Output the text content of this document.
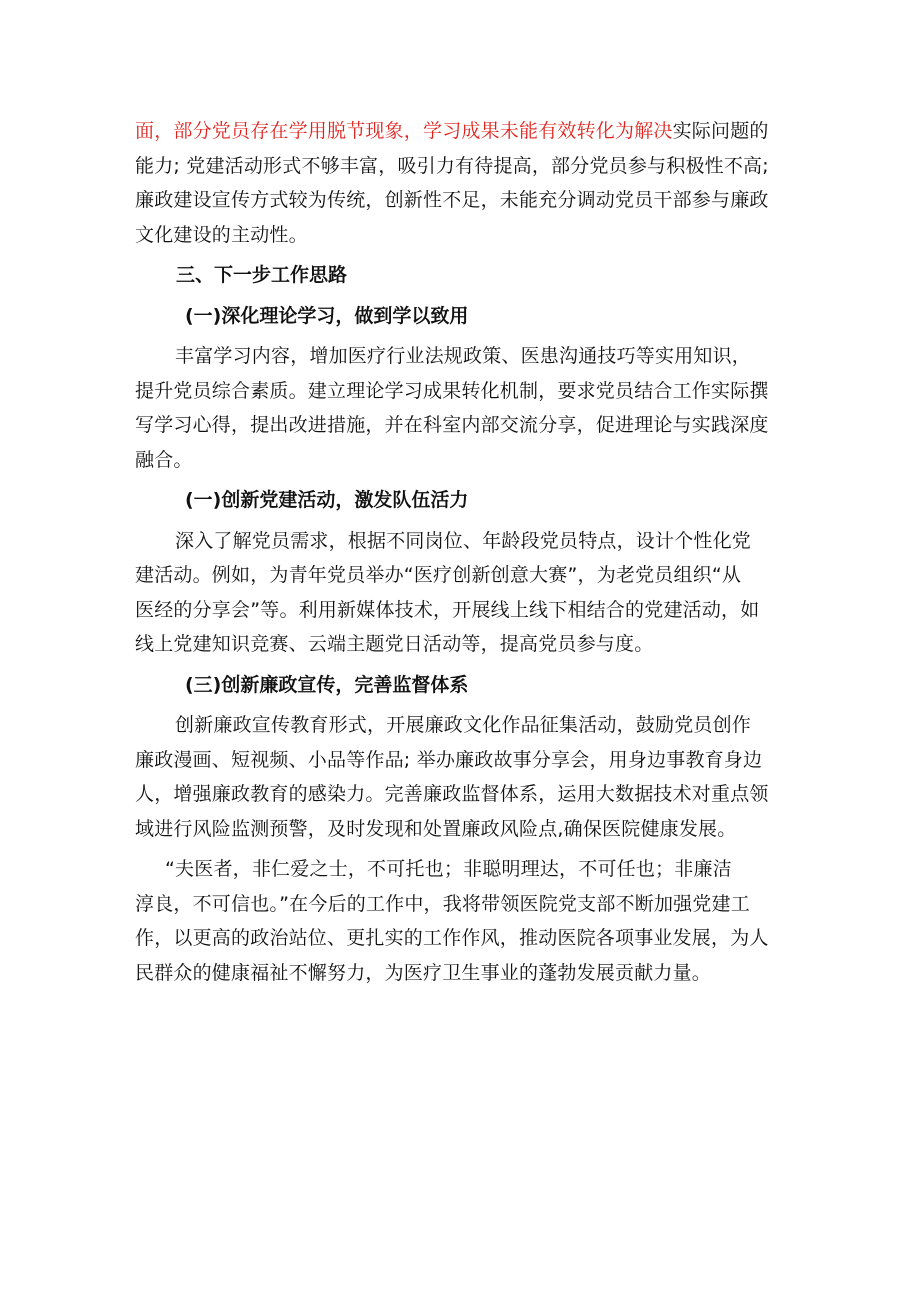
面，部分党员存在学用脱节现象，学习成果未能有效转化为解决实际问题的
能力; 党建活动形式不够丰富，吸引力有待提高，部分党员参与积极性不高;
廉政建设宣传方式较为传统，创新性不足，未能充分调动党员干部参与廉政
文化建设的主动性。
三、下一步工作思路
(一)深化理论学习，做到学以致用
丰富学习内容，增加医疗行业法规政策、医患沟通技巧等实用知识，
提升党员综合素质。建立理论学习成果转化机制，要求党员结合工作实际撰
写学习心得，提出改进措施，并在科室内部交流分享，促进理论与实践深度
融合。
(一)创新党建活动，激发队伍活力
深入了解党员需求，根据不同岗位、年龄段党员特点，设计个性化党
建活动。例如，为青年党员举办“医疗创新创意大赛”，为老党员组织“从
医经的分享会”等。利用新媒体技术，开展线上线下相结合的党建活动，如
线上党建知识竞赛、云端主题党日活动等，提高党员参与度。
(三)创新廉政宣传，完善监督体系
创新廉政宣传教育形式，开展廉政文化作品征集活动，鼓励党员创作
廉政漫画、短视频、小品等作品; 举办廉政故事分享会，用身边事教育身边
人，增强廉政教育的感染力。完善廉政监督体系，运用大数据技术对重点领
域进行风险监测预警，及时发现和处置廉政风险点,确保医院健康发展。
“夫医者，非仁爱之士，不可托也；非聪明理达，不可任也；非廉洁
淳良，不可信也。”在今后的工作中，我将带领医院党支部不断加强党建工
作，以更高的政治站位、更扎实的工作作风，推动医院各项事业发展，为人
民群众的健康福祉不懈努力，为医疗卫生事业的蓬勃发展贡献力量。
